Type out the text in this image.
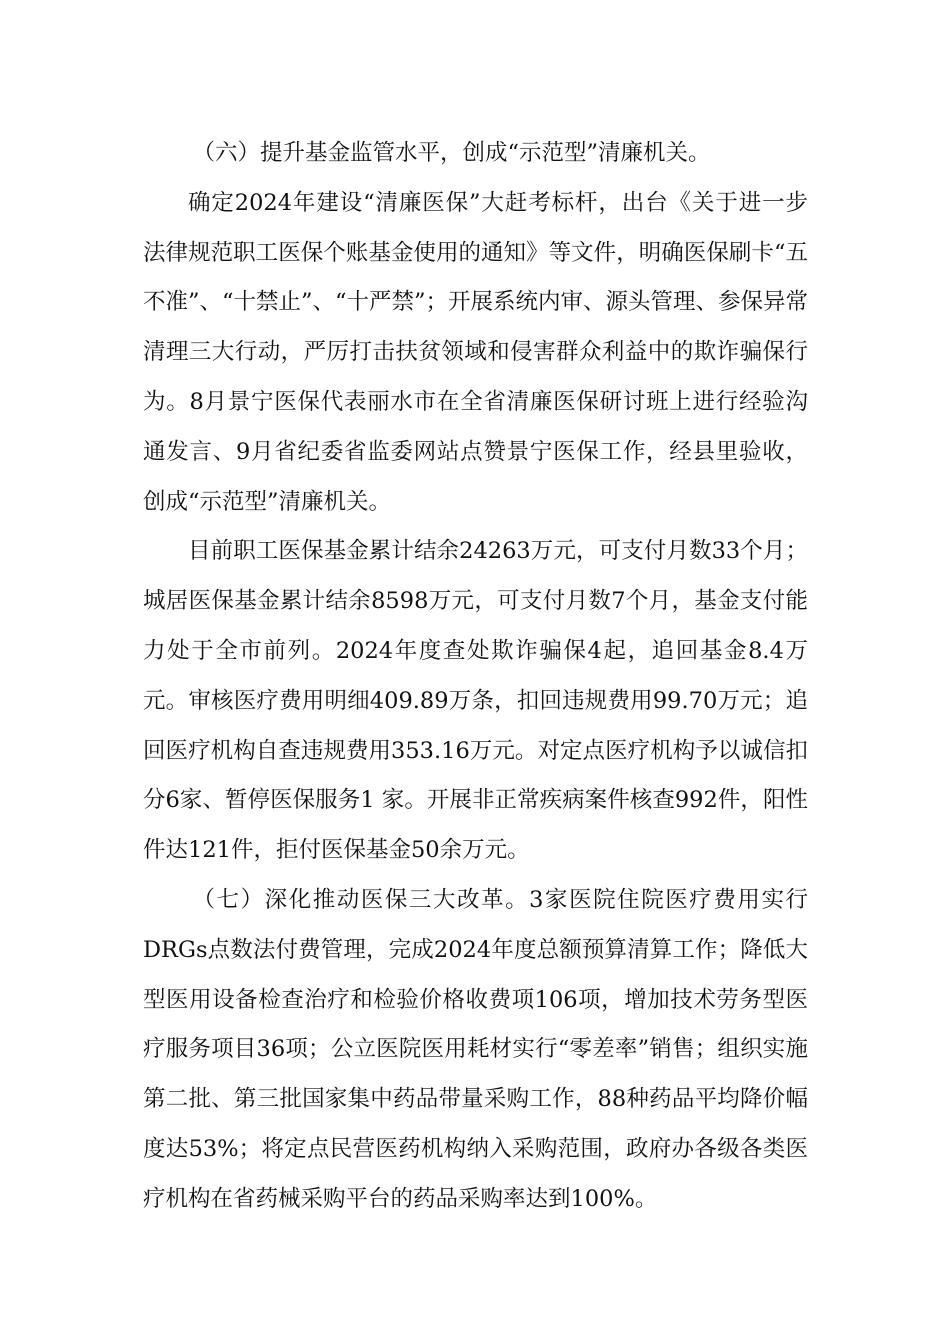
（六）提升基金监管水平，创成“示范型”清廉机关。

确定2024年建设“清廉医保”大赶考标杆，出台《关于进一步法律规范职工医保个账基金使用的通知》等文件，明确医保刷卡“五不准”、“十禁止”、“十严禁”；开展系统内审、源头管理、参保异常清理三大行动，严厉打击扶贫领域和侵害群众利益中的欺诈骗保行为。8月景宁医保代表丽水市在全省清廉医保研讨班上进行经验沟通发言、9月省纪委省监委网站点赞景宁医保工作，经县里验收，创成“示范型”清廉机关。

目前职工医保基金累计结余24263万元，可支付月数33个月；城居医保基金累计结余8598万元，可支付月数7个月，基金支付能力处于全市前列。2024年度查处欺诈骗保4起，追回基金8.4万元。审核医疗费用明细409.89万条，扣回违规费用99.70万元；追回医疗机构自查违规费用353.16万元。对定点医疗机构予以诚信扣分6家、暂停医保服务1 家。开展非正常疾病案件核查992件，阳性件达121件，拒付医保基金50余万元。

（七）深化推动医保三大改革。3家医院住院医疗费用实行DRGs点数法付费管理，完成2024年度总额预算清算工作；降低大型医用设备检查治疗和检验价格收费项106项，增加技术劳务型医疗服务项目36项；公立医院医用耗材实行“零差率”销售；组织实施第二批、第三批国家集中药品带量采购工作，88种药品平均降价幅度达53%；将定点民营医药机构纳入采购范围，政府办各级各类医疗机构在省药械采购平台的药品采购率达到100%。
